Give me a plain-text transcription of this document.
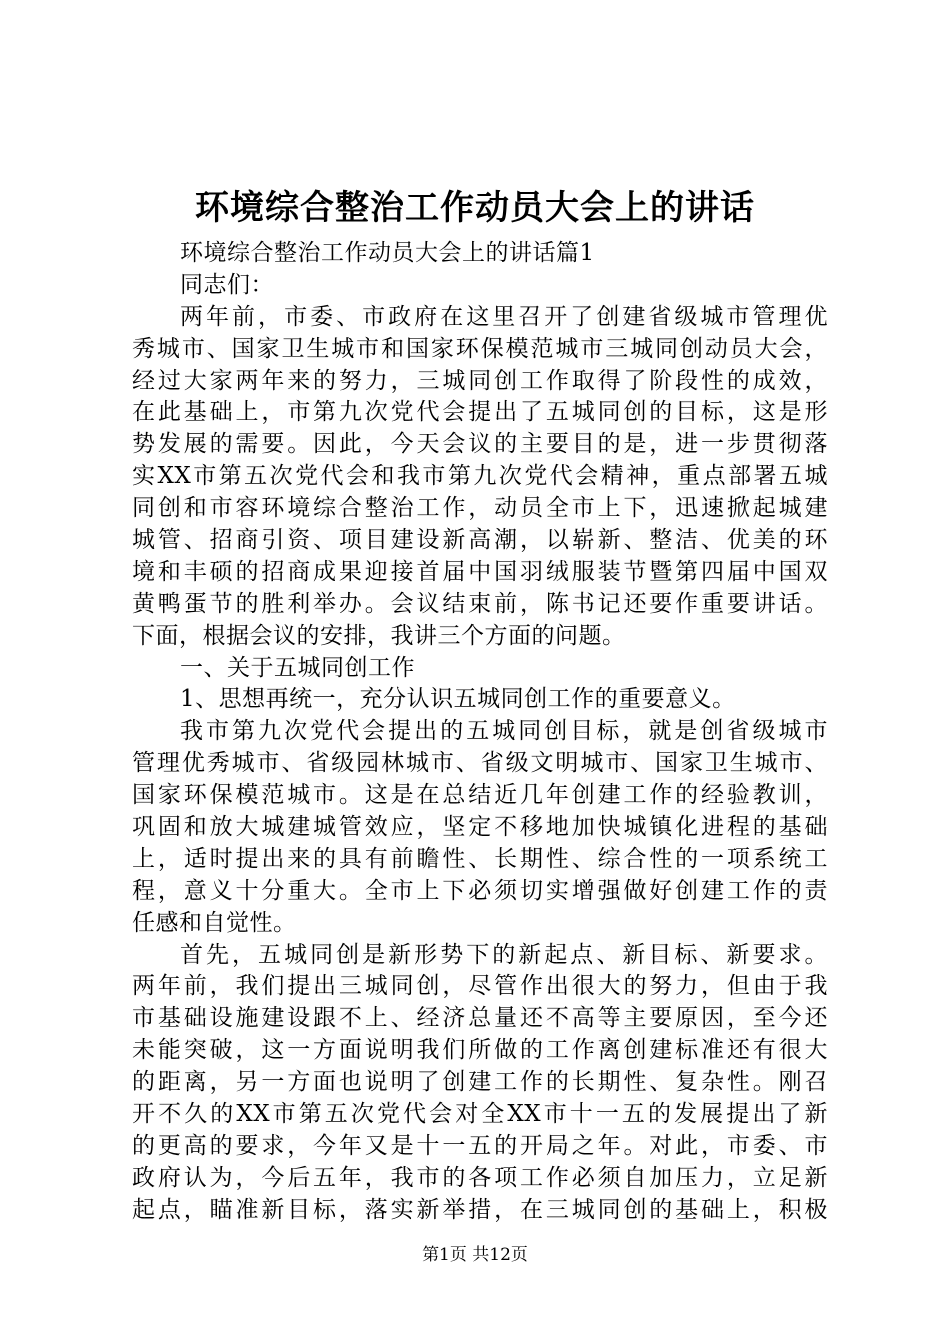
环境综合整治工作动员大会上的讲话
环境综合整治工作动员大会上的讲话篇1
同志们：
两年前，市委、市政府在这里召开了创建省级城市管理优
秀城市、国家卫生城市和国家环保模范城市三城同创动员大会，
经过大家两年来的努力，三城同创工作取得了阶段性的成效，
在此基础上，市第九次党代会提出了五城同创的目标，这是形
势发展的需要。因此，今天会议的主要目的是，进一步贯彻落
实XX市第五次党代会和我市第九次党代会精神，重点部署五城
同创和市容环境综合整治工作，动员全市上下，迅速掀起城建
城管、招商引资、项目建设新高潮，以崭新、整洁、优美的环
境和丰硕的招商成果迎接首届中国羽绒服装节暨第四届中国双
黄鸭蛋节的胜利举办。会议结束前，陈书记还要作重要讲话。
下面，根据会议的安排，我讲三个方面的问题。
一、关于五城同创工作
1、思想再统一，充分认识五城同创工作的重要意义。
我市第九次党代会提出的五城同创目标，就是创省级城市
管理优秀城市、省级园林城市、省级文明城市、国家卫生城市、
国家环保模范城市。这是在总结近几年创建工作的经验教训，
巩固和放大城建城管效应，坚定不移地加快城镇化进程的基础
上，适时提出来的具有前瞻性、长期性、综合性的一项系统工
程，意义十分重大。全市上下必须切实增强做好创建工作的责
任感和自觉性。
首先，五城同创是新形势下的新起点、新目标、新要求。
两年前，我们提出三城同创，尽管作出很大的努力，但由于我
市基础设施建设跟不上、经济总量还不高等主要原因，至今还
未能突破，这一方面说明我们所做的工作离创建标准还有很大
的距离，另一方面也说明了创建工作的长期性、复杂性。刚召
开不久的XX市第五次党代会对全XX市十一五的发展提出了新
的更高的要求，今年又是十一五的开局之年。对此，市委、市
政府认为，今后五年，我市的各项工作必须自加压力，立足新
起点，瞄准新目标，落实新举措，在三城同创的基础上，积极
第1页 共12页
